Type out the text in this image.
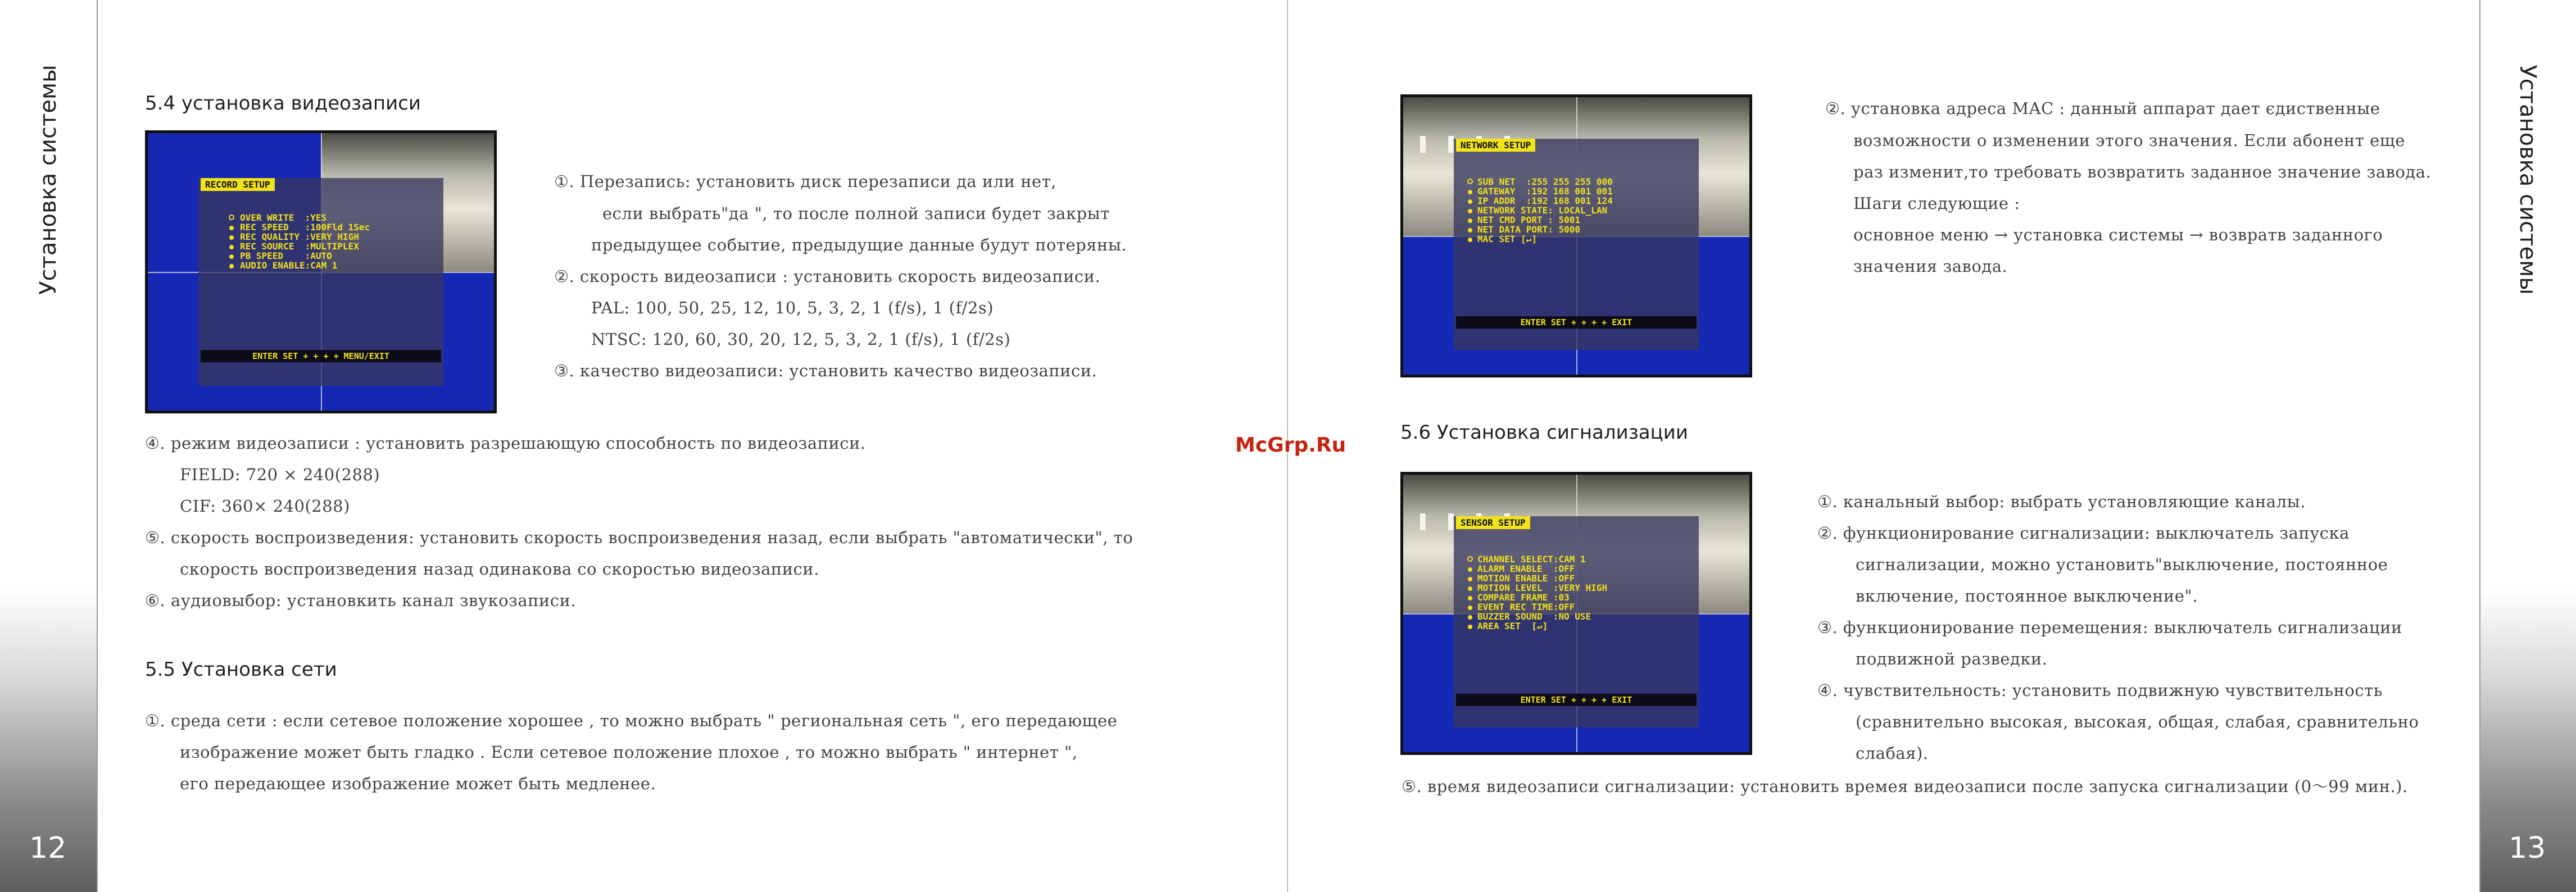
Установка системы
12
Установка системы
13
McGrp.Ru
5.4 установка видеозаписи
RECORD SETUP
OVER WRITE  :YES
REC SPEED   :100Fld 1Sec
REC QUALITY :VERY HIGH
REC SOURCE  :MULTIPLEX
PB SPEED    :AUTO
AUDIO ENABLE:CAM 1
ENTER SET + + + + MENU/EXIT
①. Перезапись: установить диск перезаписи да или нет,
если выбрать"да ", то после полной записи будет закрыт
предыдущее событие, предыдущие данные будут потеряны.
②. скорость видеозаписи : установить скорость видеозаписи.
PAL: 100, 50, 25, 12, 10, 5, 3, 2, 1 (f/s), 1 (f/2s)
NTSC: 120, 60, 30, 20, 12, 5, 3, 2, 1 (f/s), 1 (f/2s)
③. качество видеозаписи: установить качество видеозаписи.
④. режим видеозаписи : установить разрешающую способность по видеозаписи.
FIELD: 720 × 240(288)
CIF: 360× 240(288)
⑤. скорость воспроизведения: установить скорость воспроизведения назад, если выбрать "автоматически", то
скорость воспроизведения назад одинакова со скоростью видеозаписи.
⑥. аудиовыбор: установкить канал звукозаписи.
5.5 Установка сети
①. среда сети : если сетевое положение хорошее , то можно выбрать " региональная сеть ", его передающее
изображение может быть гладко . Если сетевое положение плохое , то можно выбрать " интернет ",
его передающее изображение может быть медленее.
NETWORK SETUP
SUB NET  :255 255 255 000
GATEWAY  :192 168 001 001
IP ADDR  :192 168 001 124
NETWORK STATE: LOCAL_LAN
NET CMD PORT : 5001
NET DATA PORT: 5000
MAC SET [↵]
ENTER SET + + + + EXIT
②. установка адреса MAC : данный аппарат дает єдиственные
возможности о изменении этого значения. Если абонент еще
раз изменит,то требовать возвратить заданное значение завода.
Шаги следующие :
основное меню → установка системы → возвратв заданного
значения завода.
5.6 Установка сигнализации
SENSOR SETUP
CHANNEL SELECT:CAM 1
ALARM ENABLE  :OFF
MOTION ENABLE :OFF
MOTION LEVEL  :VERY HIGH
COMPARE FRAME :03
EVENT REC TIME:OFF
BUZZER SOUND  :NO USE
AREA SET  [↵]
ENTER SET + + + + EXIT
①. канальный выбор: выбрать установляющие каналы.
②. функционирование сигнализации: выключатель запуска
сигнализации, можно установить"выключение, постоянное
включение, постоянное выключение".
③. функционирование перемещения: выключатель сигнализации
подвижной разведки.
④. чувствительность: установить подвижную чувствительность
(сравнительно высокая, высокая, общая, слабая, сравнительно
слабая).
⑤. время видеозаписи сигнализации: установить времея видеозаписи после запуска сигнализации (0～99 мин.).
